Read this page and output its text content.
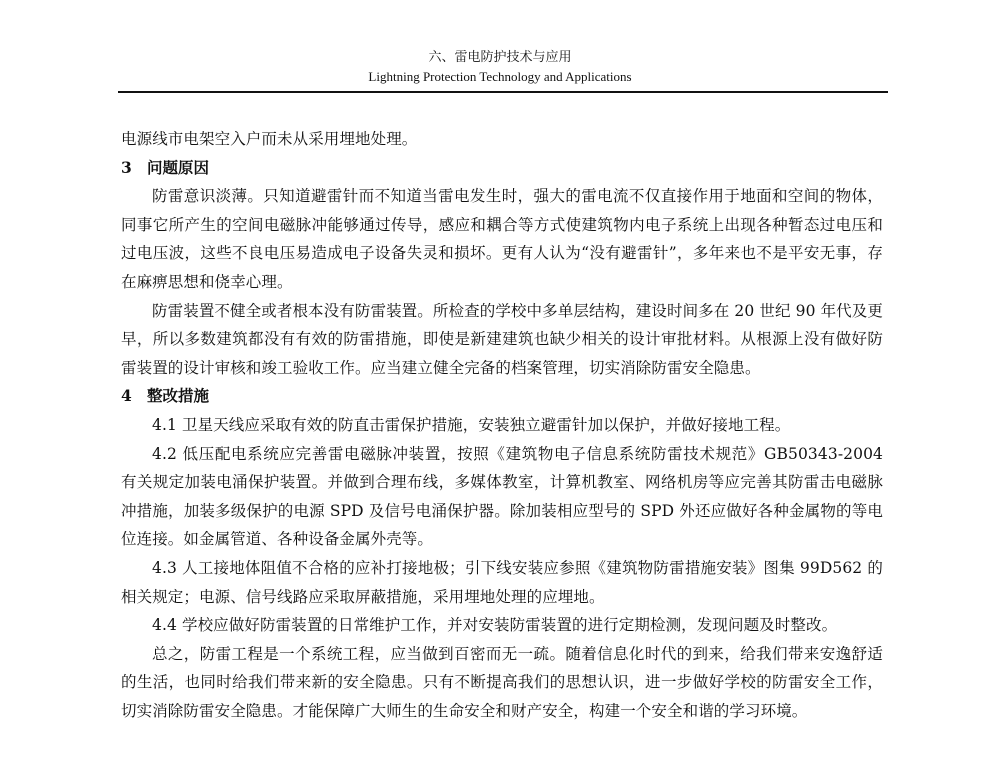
六、雷电防护技术与应用
Lightning Protection Technology and Applications

电源线市电架空入户而未从采用埋地处理。

3 问题原因

防雷意识淡薄。只知道避雷针而不知道当雷电发生时，强大的雷电流不仅直接作用于地面和空间的物体，同事它所产生的空间电磁脉冲能够通过传导，感应和耦合等方式使建筑物内电子系统上出现各种暂态过电压和过电压波，这些不良电压易造成电子设备失灵和损坏。更有人认为“没有避雷针”，多年来也不是平安无事，存在麻痹思想和侥幸心理。

防雷装置不健全或者根本没有防雷装置。所检查的学校中多单层结构，建设时间多在 20 世纪 90 年代及更早，所以多数建筑都没有有效的防雷措施，即使是新建建筑也缺少相关的设计审批材料。从根源上没有做好防雷装置的设计审核和竣工验收工作。应当建立健全完备的档案管理，切实消除防雷安全隐患。

4 整改措施

4.1 卫星天线应采取有效的防直击雷保护措施，安装独立避雷针加以保护，并做好接地工程。

4.2 低压配电系统应完善雷电磁脉冲装置，按照《建筑物电子信息系统防雷技术规范》GB50343-2004 有关规定加装电涌保护装置。并做到合理布线，多媒体教室，计算机教室、网络机房等应完善其防雷击电磁脉冲措施，加装多级保护的电源 SPD 及信号电涌保护器。除加装相应型号的 SPD 外还应做好各种金属物的等电位连接。如金属管道、各种设备金属外壳等。

4.3 人工接地体阻值不合格的应补打接地极；引下线安装应参照《建筑物防雷措施安装》图集 99D562 的相关规定；电源、信号线路应采取屏蔽措施，采用埋地处理的应埋地。

4.4 学校应做好防雷装置的日常维护工作，并对安装防雷装置的进行定期检测，发现问题及时整改。

总之，防雷工程是一个系统工程，应当做到百密而无一疏。随着信息化时代的到来，给我们带来安逸舒适的生活，也同时给我们带来新的安全隐患。只有不断提高我们的思想认识，进一步做好学校的防雷安全工作，切实消除防雷安全隐患。才能保障广大师生的生命安全和财产安全，构建一个安全和谐的学习环境。
